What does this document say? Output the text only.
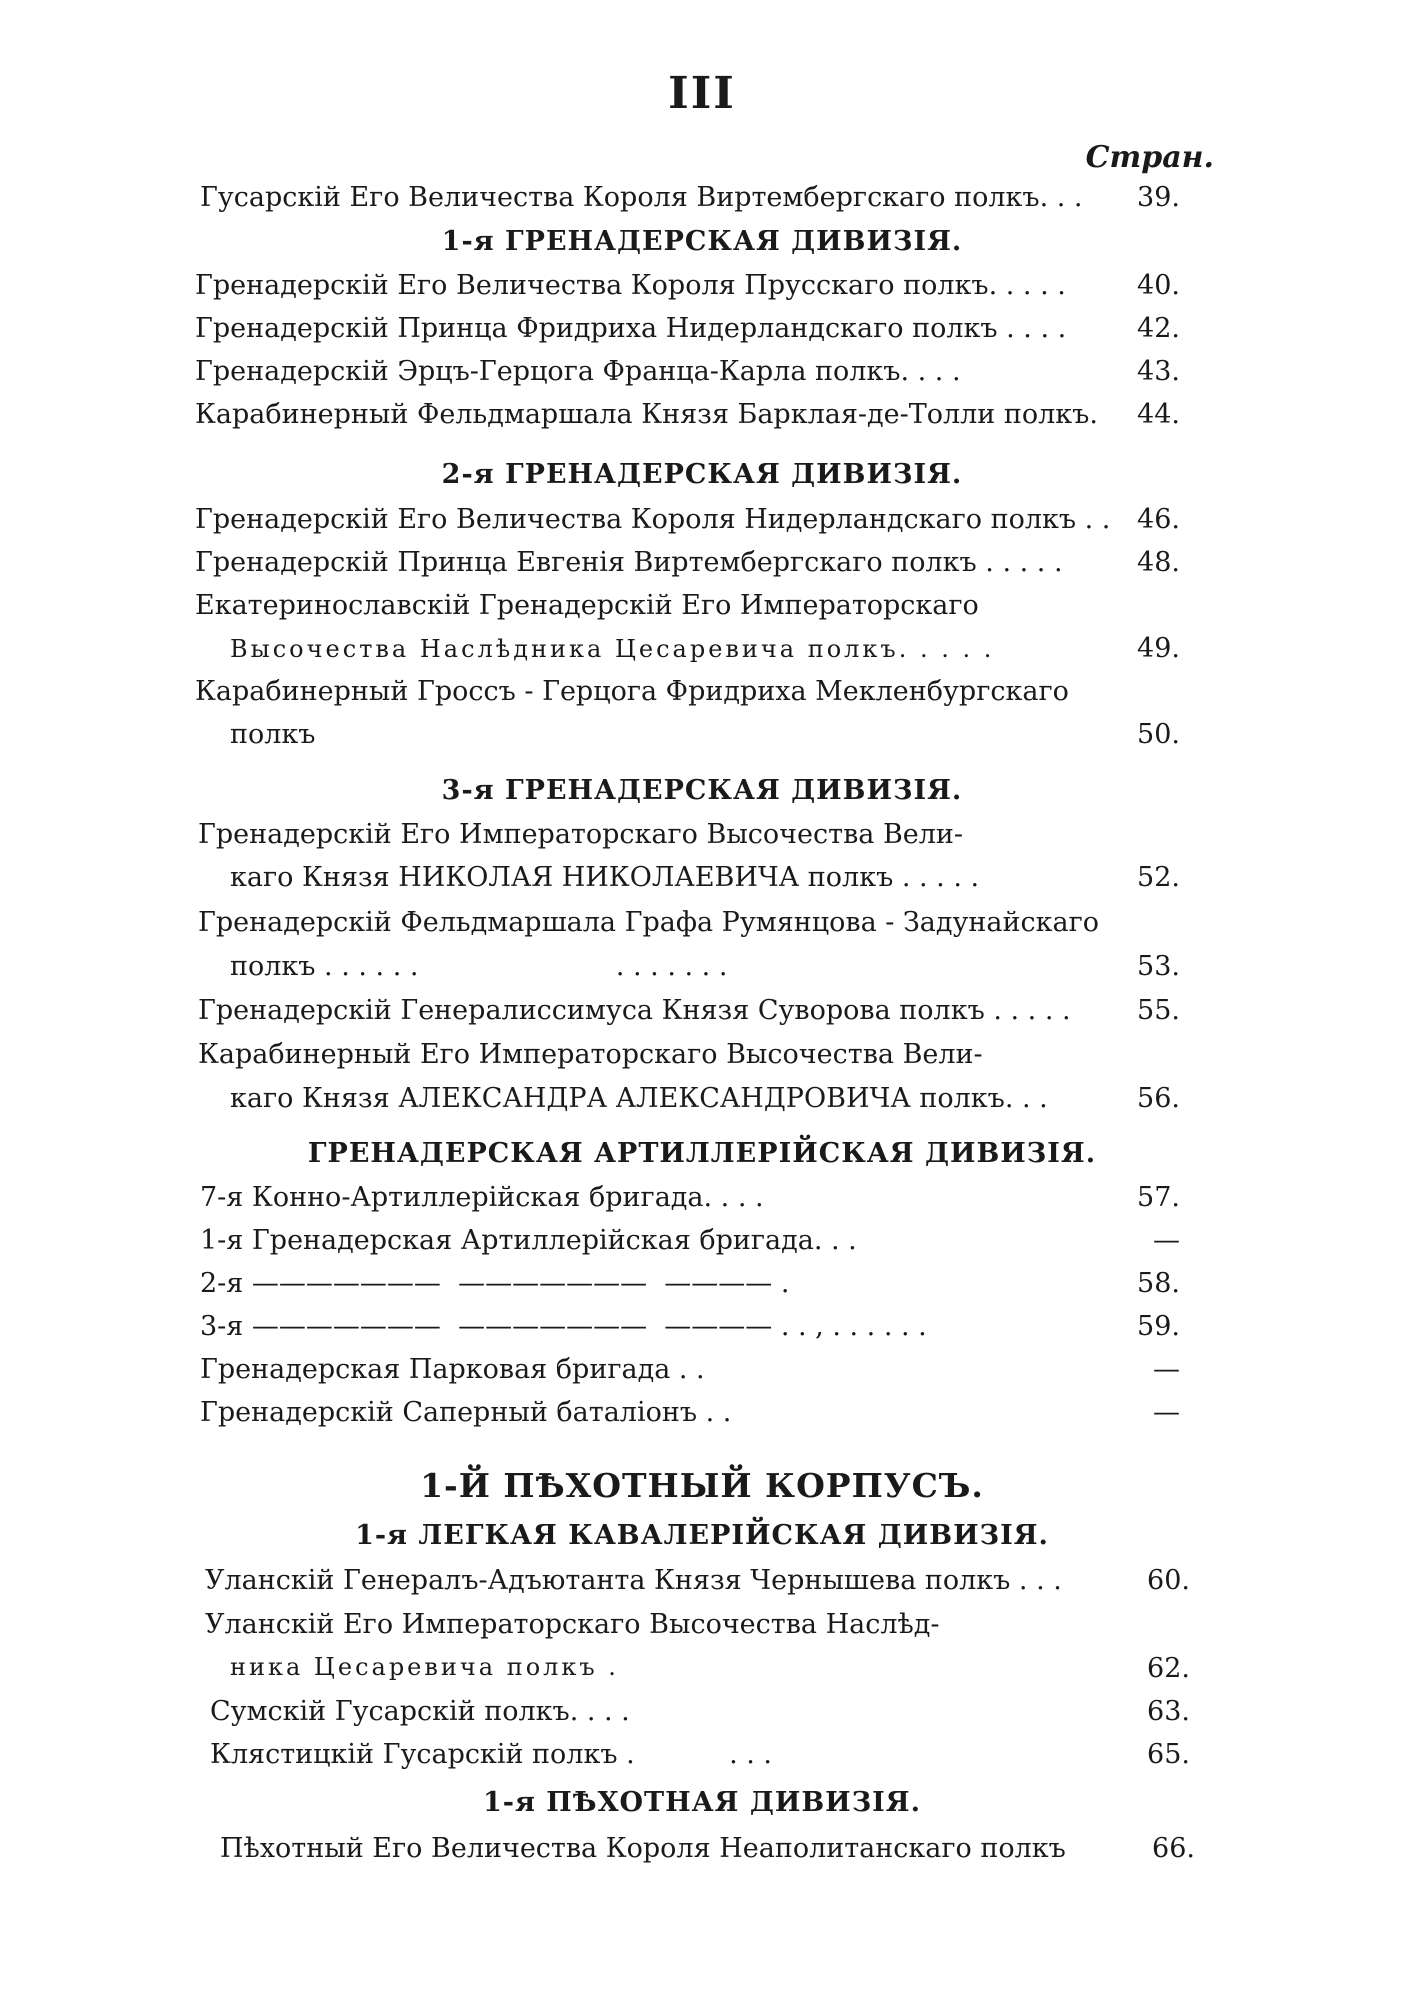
III
Стран.
Гусарскій Его Величества Короля Виртембергскаго полкъ. . .	39.
1-я ГРЕНАДЕРСКАЯ ДИВИЗІЯ.
Гренадерскій Его Величества Короля Прусскаго полкъ. . . . .	40.
Гренадерскій Принца Фридриха Нидерландскаго полкъ . . . .	42.
Гренадерскій Эрцъ-Герцога Франца-Карла полкъ. . . .	43.
Карабинерный Фельдмаршала Князя Барклая-де-Толли полкъ.	44.
2-я ГРЕНАДЕРСКАЯ ДИВИЗІЯ.
Гренадерскій Его Величества Короля Нидерландскаго полкъ . . 46.
Гренадерскій Принца Евгенія Виртембергскаго полкъ . . . . .	48.
Екатеринославскій Гренадерскій Его Императорскаго
Высочества Наслѣдника Цесаревича полкъ. . . . .	49.
Карабинерный Гроссъ - Герцога Фридриха Мекленбургскаго
полкъ	50.
3-я ГРЕНАДЕРСКАЯ ДИВИЗІЯ.
Гренадерскій Его Императорскаго Высочества Вели-
каго Князя НИКОЛАЯ НИКОЛАЕВИЧА полкъ . . . . .	52.
Гренадерскій Фельдмаршала Графа Румянцова - Задунайскаго
полкъ . . . . . .                       . . . . . . .	53.
Гренадерскій Генералиссимуса Князя Суворова полкъ . . . . .	55.
Карабинерный Его Императорскаго Высочества Вели-
каго Князя АЛЕКСАНДРА АЛЕКСАНДРОВИЧА полкъ. . .	56.
ГРЕНАДЕРСКАЯ АРТИЛЛЕРІЙСКАЯ ДИВИЗІЯ.
7-я Конно-Артиллерійская бригада. . . .	57.
1-я Гренадерская Артиллерійская бригада. . .	—
2-я ———————  ———————  ———— .	58.
3-я ———————  ———————  ———— . . , . . . . . .	59.
Гренадерская Парковая бригада . .	—
Гренадерскій Саперный баталіонъ . .	—
1-Й ПѢХОТНЫЙ КОРПУСЪ.
1-я ЛЕГКАЯ КАВАЛЕРІЙСКАЯ ДИВИЗІЯ.
Уланскій Генералъ-Адъютанта Князя Чернышева полкъ . . .	60.
Уланскій Его Императорскаго Высочества Наслѣд-
ника Цесаревича полкъ .	62.
Сумскій Гусарскій полкъ. . . .	63.
Клястицкій Гусарскій полкъ .           . . .	65.
1-я ПѢХОТНАЯ ДИВИЗІЯ.
Пѣхотный Его Величества Короля Неаполитанскаго полкъ	66.
